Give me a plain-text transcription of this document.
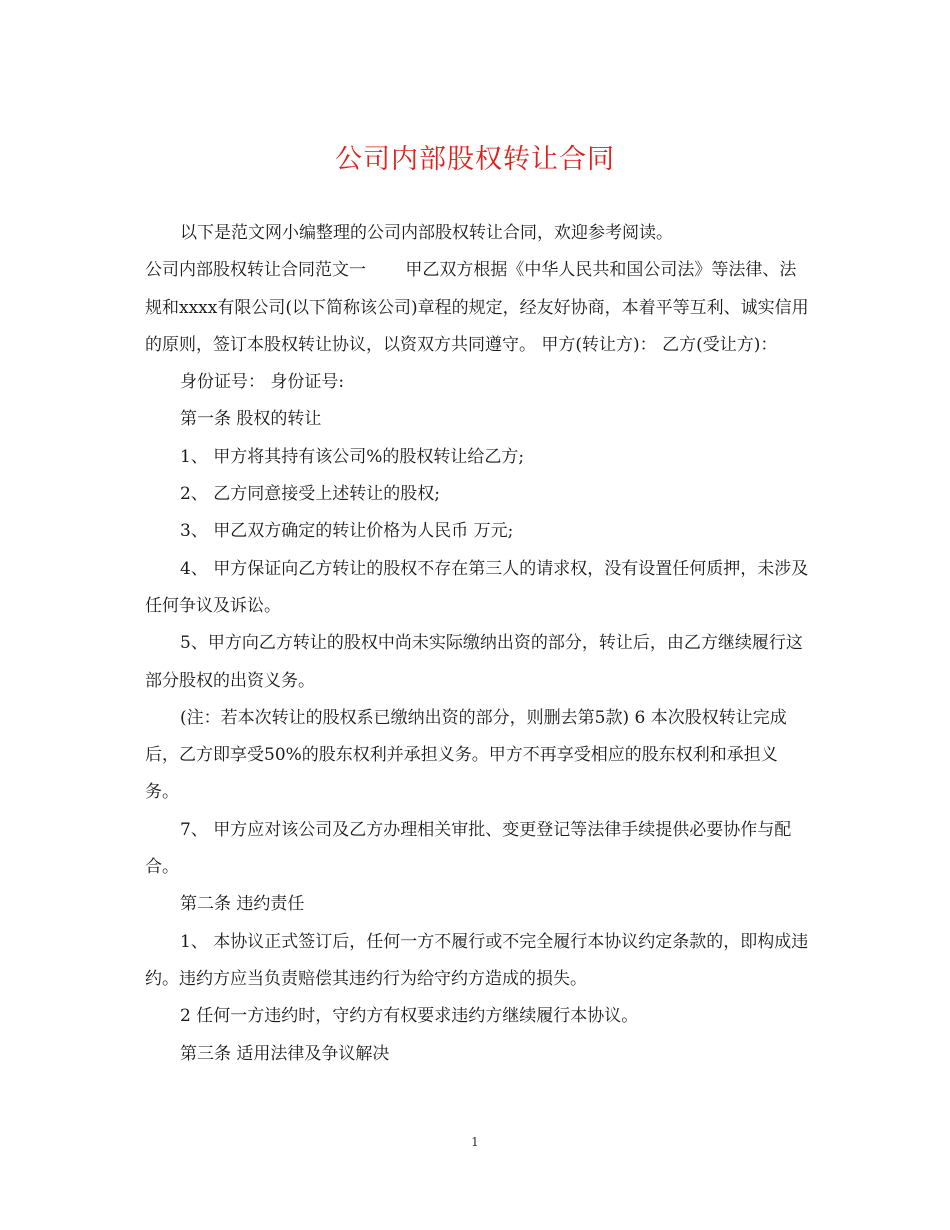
公司内部股权转让合同

以下是范文网小编整理的公司内部股权转让合同，欢迎参考阅读。

公司内部股权转让合同范文一　　 甲乙双方根据《中华人民共和国公司法》等法律、法规和xxxx有限公司(以下简称该公司)章程的规定，经友好协商，本着平等互利、诚实信用的原则，签订本股权转让协议，以资双方共同遵守。 甲方(转让方)： 乙方(受让方)：

身份证号： 身份证号:

第一条 股权的转让

1、 甲方将其持有该公司%的股权转让给乙方;

2、 乙方同意接受上述转让的股权;

3、 甲乙双方确定的转让价格为人民币 万元;

4、 甲方保证向乙方转让的股权不存在第三人的请求权，没有设置任何质押，未涉及任何争议及诉讼。

5、甲方向乙方转让的股权中尚未实际缴纳出资的部分，转让后，由乙方继续履行这部分股权的出资义务。

(注：若本次转让的股权系已缴纳出资的部分，则删去第5款) 6 本次股权转让完成后，乙方即享受50%的股东权利并承担义务。甲方不再享受相应的股东权利和承担义务。

7、 甲方应对该公司及乙方办理相关审批、变更登记等法律手续提供必要协作与配合。

第二条 违约责任

1、 本协议正式签订后，任何一方不履行或不完全履行本协议约定条款的，即构成违约。违约方应当负责赔偿其违约行为给守约方造成的损失。

2 任何一方违约时，守约方有权要求违约方继续履行本协议。

第三条 适用法律及争议解决

1
